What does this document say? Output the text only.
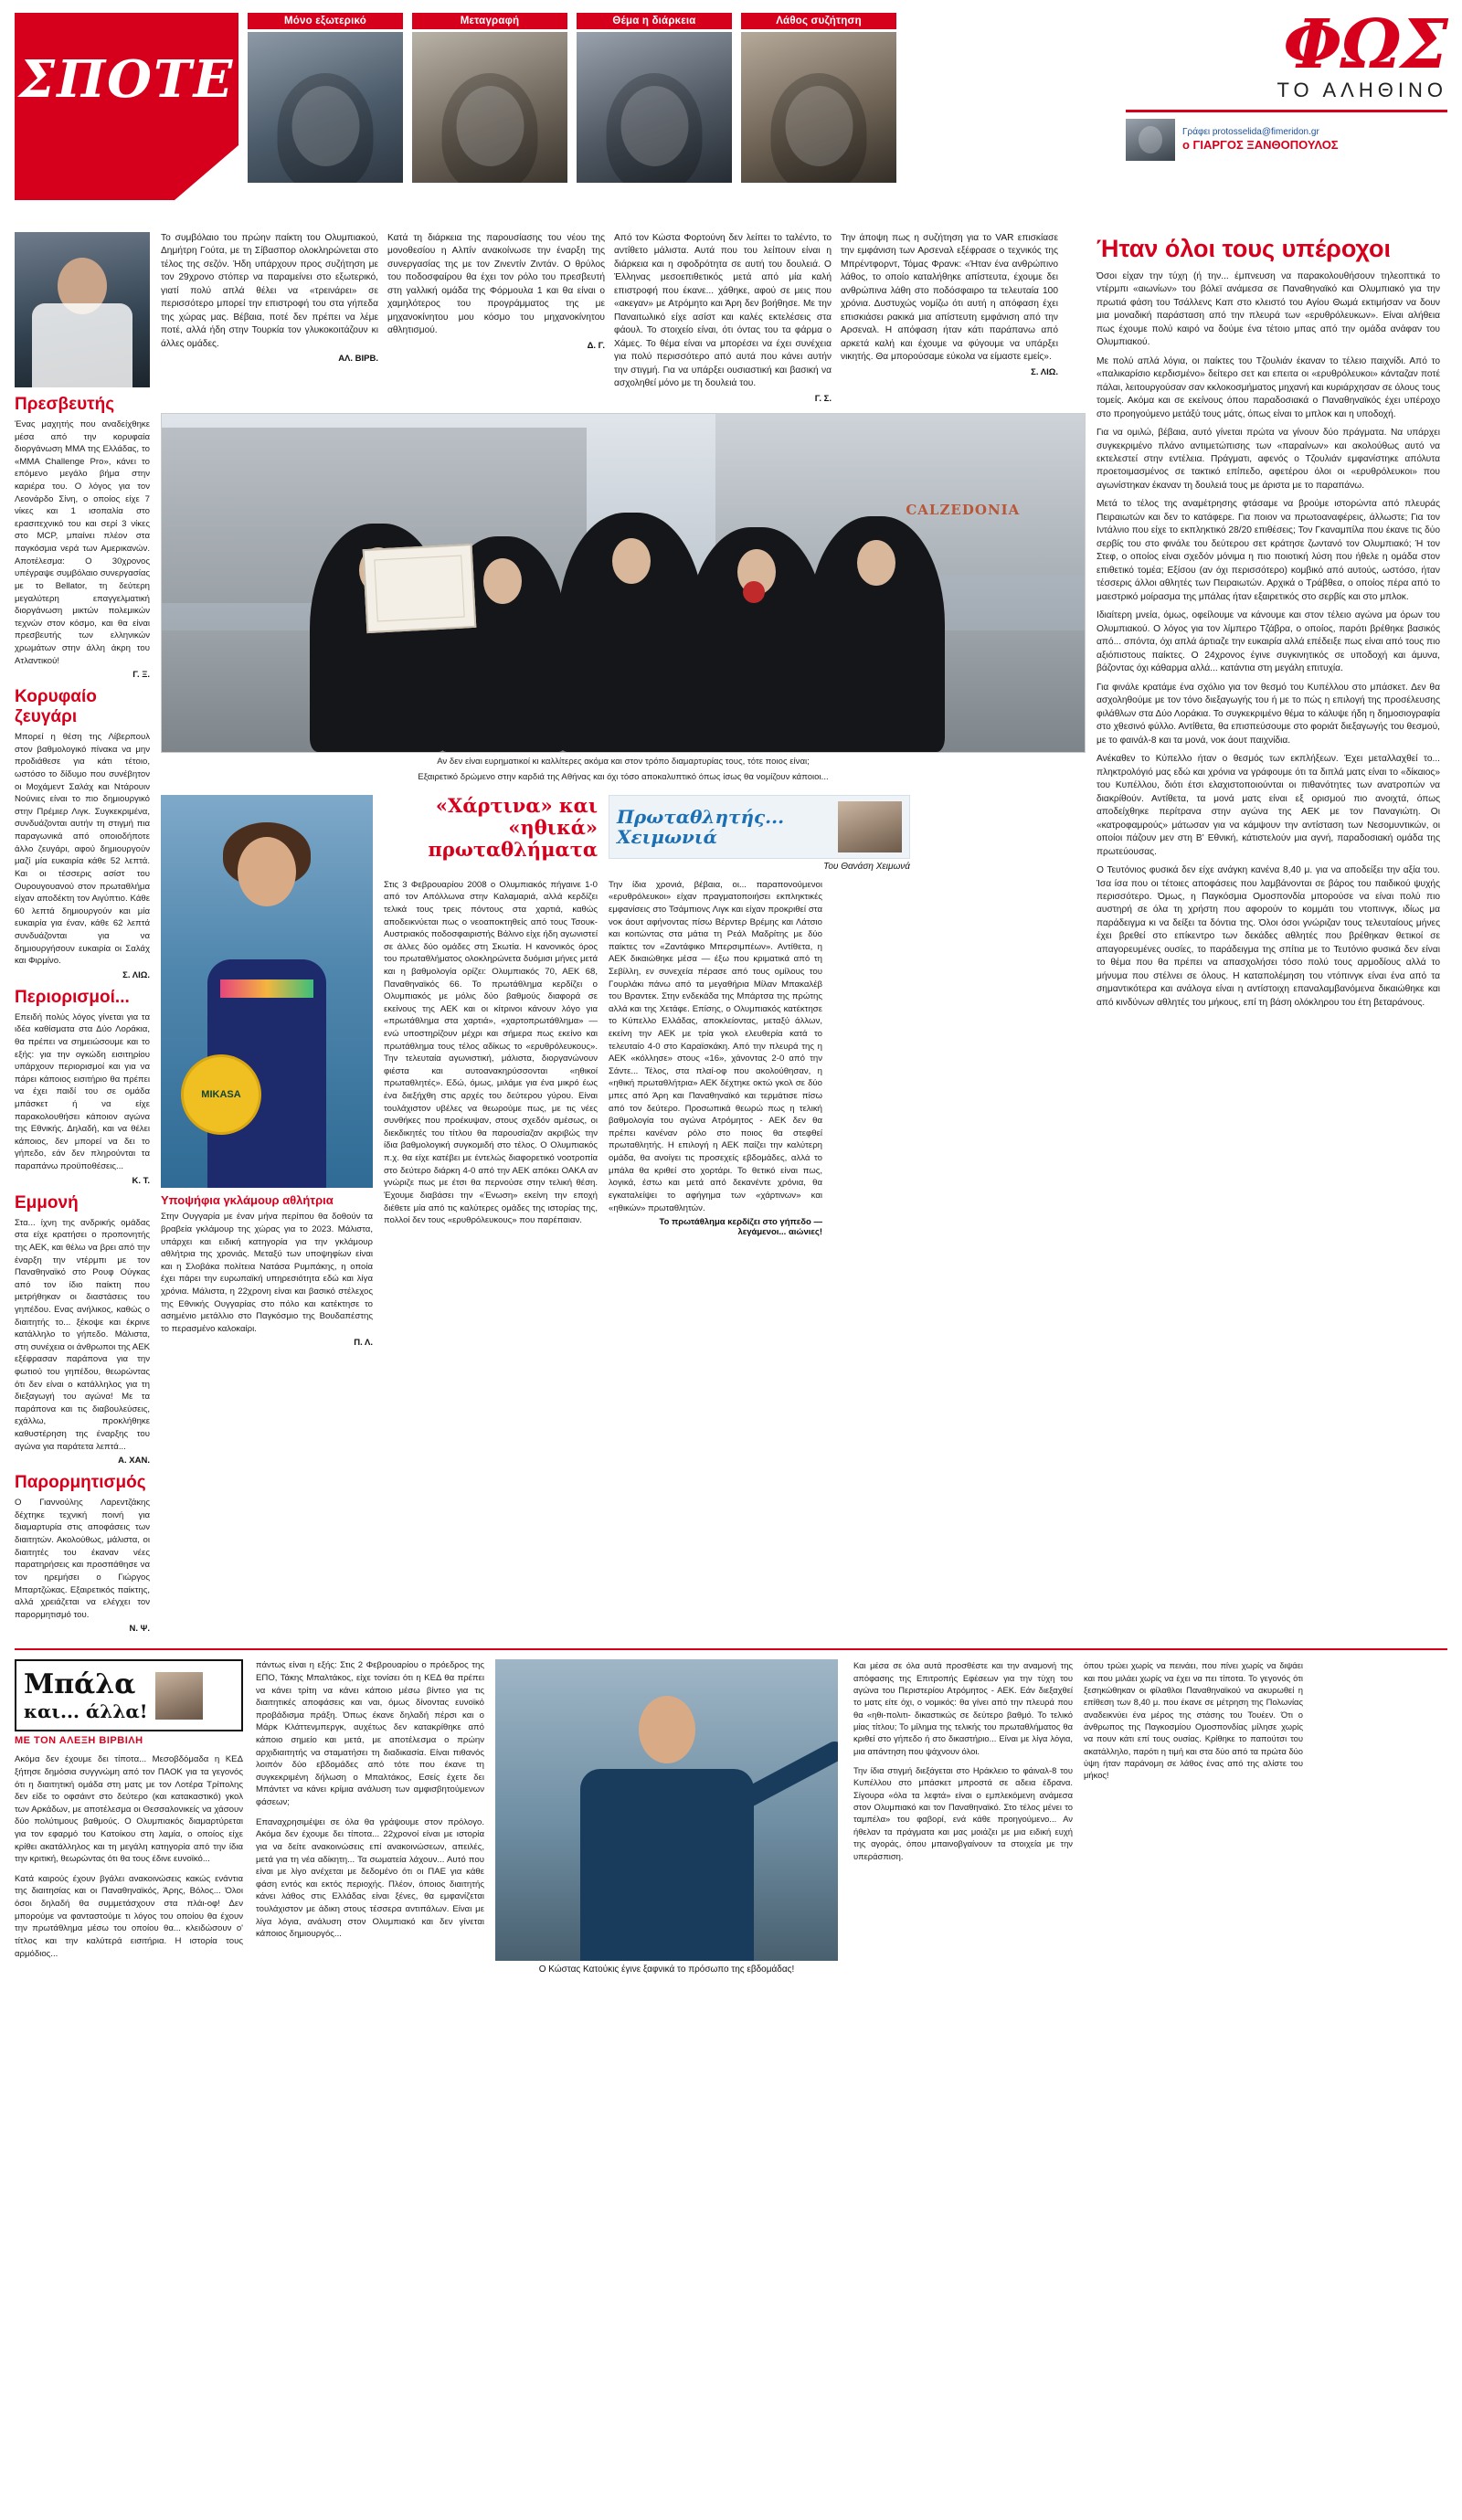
ΣΠΟΤΕ
Μόνο εξωτερικό	Μεταγραφή	Θέμα η διάρκεια	Λάθος συζήτηση	ΦΩΣ
ΤΟ ΑΛΗΘΙΝΟ
Γράφει protosselida@fimeridon.gr
ο ΓΙΑΡΓΟΣ ΞΑΝΘΟΠΟΥΛΟΣ
Πρεσβευτής
Ένας μαχητής που αναδείχθηκε μέσα από την κορυφαία διοργάνωση ΜΜΑ της Ελλάδας, το «ΜΜΑ Challenge Pro», κάνει το επόμενο μεγάλο βήμα στην καριέρα του. Ο λόγος για τον Λεονάρδο Σίνη, ο οποίος είχε 7 νίκες και 1 ισοπαλία στο ερασιτεχνικό του και σερί 3 νίκες στο MCP, μπαίνει πλέον στα παγκόσμια νερά των Αμερικανών. Αποτέλεσμα: Ο 30χρονος υπέγραψε συμβόλαιο συνεργασίας με το Bellator, τη δεύτερη μεγαλύτερη επαγγελματική διοργάνωση μικτών πολεμικών τεχνών στον κόσμο, και θα είναι πρεσβευτής των ελληνικών χρωμάτων στην άλλη άκρη του Ατλαντικού!
Γ. Ξ.
Κορυφαίο ζευγάρι
Μπορεί η θέση της Λίβερπουλ στον βαθμολογικό πίνακα να μην προδιάθεσε για κάτι τέτοιο, ωστόσο το δίδυμο που συνέβητον οι Μοχάμεντ Σαλάχ και Ντάρουιν Νούνιες είναι το πιο δημιουργικό στην Πρέμιερ Λιγκ. Συγκεκριμένα, συνδυάζονται αυτήν τη στιγμή πια παραγωνικά από οποιοδήποτε άλλο ζευγάρι, αφού δημιουργούν μαζί μία ευκαιρία κάθε 52 λεπτά. Και οι τέσσερις ασίστ του Ουρουγουανού στον πρωταθλήμα είχαν αποδέκτη τον Αιγύπτιο. Κάθε 60 λεπτά δημιουργούν και μία ευκαιρία για έναν, κάθε 62 λεπτά συνδυάζονται για να δημιουργήσουν ευκαιρία οι Σαλάχ και Φιρμίνο.
Σ. ΛΙΩ.
Περιορισμοί...
Επειδή πολύς λόγος γίνεται για τα ιδέα καθίσματα στα Δύο Λοράκια, θα πρέπει να σημειώσουμε και το εξής: για την ογκώδη εισιτηρίου υπάρχουν περιορισμοί και για να πάρει κάποιος εισιτήριο θα πρέπει να έχει παιδί του σε ομάδα μπάσκετ ή να είχε παρακολουθήσει κάποιον αγώνα της Εθνικής. Δηλαδή, και να θέλει κάποιος, δεν μπορεί να δει το γήπεδο, εάν δεν πληρούνται τα παραπάνω προϋποθέσεις...
Κ. Τ.
Εμμονή
Στα... ίχνη της ανδρικής ομάδας στα είχε κρατήσει ο προπονητής της ΑΕΚ, και θέλω να βρει από την έναρξη την ντέρμπι με τον Παναθηναϊκό στο Ρουφ Ούγκας από τον ίδιο παίκτη που μετρήθηκαν οι διαστάσεις του γηπέδου. Ενας ανήλικος, καθώς ο διαιτητής το... ξέκοψε και έκρινε κατάλληλο το γήπεδο. Μάλιστα, στη συνέχεια οι άνθρωποι της ΑΕΚ εξέφρασαν παράπονα για την φωτιού του γηπέδου, θεωρώντας ότι δεν είναι ο κατάλληλος για τη διεξαγωγή του αγώνα! Με τα παράπονα και τις διαβουλεύσεις, εχάλλω, προκλήθηκε καθυστέρηση της έναρξης του αγώνα για παράτετα λεπτά...
Α. ΧΑΝ.
Παρορμητισμός
Ο Γιαννούλης Λαρεντζάκης δέχτηκε τεχνική ποινή για διαμαρτυρία στις αποφάσεις των διαιτητών. Ακολούθως, μάλιστα, οι διαιτητές του έκαναν νέες παρατηρήσεις και προσπάθησε να τον ηρεμήσει ο Γιώργος Μπαρτζώκας. Εξαιρετικός παίκτης, αλλά χρειάζεται να ελέγχει τον παρορμητισμό του.
Ν. Ψ.
Το συμβόλαιο του πρώην παίκτη του Ολυμπιακού, Δημήτρη Γούτα, με τη Σίβασπορ ολοκληρώνεται στο τέλος της σεζόν. Ήδη υπάρχουν προς συζήτηση με τον 29χρονο στόπερ να παραμείνει στο εξωτερικό, γιατί πολύ απλά θέλει να «τρεινάρει» σε περισσότερο μπορεί την επιστροφή του στα γήπεδα της χώρας μας. Βέβαια, ποτέ δεν πρέπει να λέμε ποτέ, αλλά ήδη στην Τουρκία τον γλυκοκοιτάζουν κι άλλες ομάδες.
ΑΛ. ΒΙΡΒ.
Κατά τη διάρκεια της παρουσίασης του νέου της μονοθεσίου η Αλπίν ανακοίνωσε την έναρξη της συνεργασίας της με τον Ζινεντίν Ζιντάν. Ο θρύλος του ποδοσφαίρου θα έχει τον ρόλο του πρεσβευτή στη γαλλική ομάδα της Φόρμουλα 1 και θα είναι ο χαμηλότερος του προγράμματος της με μηχανοκίνητου μου κόσμο του μηχανοκίνητου αθλητισμού.
Δ. Γ.
Από τον Κώστα Φορτούνη δεν λείπει το ταλέντο, το αντίθετο μάλιστα. Αυτά που του λείπουν είναι η διάρκεια και η σφοδρότητα σε αυτή του δουλειά. Ο Έλληνας μεσοεπιθετικός μετά από μία καλή επιστροφή που έκανε... χάθηκε, αφού σε μεις που «ακεγαν» με Ατρόμητο και Άρη δεν βοήθησε. Με την Παναιτωλικό είχε ασίστ και καλές εκτελέσεις στα φάουλ. Το στοιχείο είναι, ότι όντας του τα φάρμα ο Χάμες. Το θέμα είναι να μπορέσει να έχει συνέχεια για πολύ περισσότερο από αυτά που κάνει αυτήν την στιγμή. Για να υπάρξει ουσιαστική και βασική να ασχοληθεί μόνο με τη δουλειά του.
Γ. Σ.
Την άποψη πως η συζήτηση για το VAR επισκίασε την εμφάνιση των Αρσεναλ εξέφρασε ο τεχνικός της Μπρέντφορντ, Τόμας Φρανκ: «Ήταν ένα ανθρώπινο λάθος, το οποίο καταλήθηκε απίστευτα, έχουμε δει ανθρώπινα λάθη στο ποδόσφαιρο τα τελευταία 100 χρόνια. Δυστυχώς νομίζω ότι αυτή η απόφαση έχει επισκιάσει ρακικά μια απίστευτη εμφάνιση από την Αρσεναλ. Η απόφαση ήταν κάτι παράπανω από αρκετά καλή και έχουμε να φύγουμε να υπάρξει νικητής. Θα μπορούσαμε εύκολα να είμαστε εμείς».
Σ. ΛΙΩ.
CALZEDONIA
Αν δεν είναι ευρηματικοί κι καλλίτερες ακόμα και στον τρόπο διαμαρτυρίας τους, τότε ποιος είναι;
Εξαιρετικό δρώμενο στην καρδιά της Αθήνας και όχι τόσο αποκαλυπτικό όπως ίσως θα νομίζουν κάποιοι...
MIKASA
Υποψήφια γκλάμουρ αθλήτρια
Στην Ουγγαρία με έναν μήνα περίπου θα δοθούν τα βραβεία γκλάμουρ της χώρας για το 2023. Μάλιστα, υπάρχει και ειδική κατηγορία για την γκλάμουρ αθλήτρια της χρονιάς. Μεταξύ των υποψηφίων είναι και η Σλοβάκα πολίτεια Νατάσα Ρυμπάκης, η οποία έχει πάρει την ευρωπαϊκή υπηρεσιότητα εδώ και λίγα χρόνια. Μάλιστα, η 22χρονη είναι και βασικό στέλεχος της Εθνικής Ουγγαρίας στο πόλο και κατέκτησε το ασημένιο μετάλλιο στο Παγκόσμιο της Βουδαπέστης το περασμένο καλοκαίρι.
Π. Λ.
«Χάρτινα» και «ηθικά» πρωταθλήματα
Πρωταθλητής... Χειμωνιά
Του Θανάση Χειμωνά
Στις 3 Φεβρουαρίου 2008 ο Ολυμπιακός πήγαινε 1-0 από τον Απόλλωνα στην Καλαμαριά, αλλά κερδίζει τελικά τους τρεις πόντους στα χαρτιά, καθώς αποδεικνύεται πως ο νεοαποκτηθείς από τους Τσουκ-Αυστριακός ποδοσφαιριστής Βάλινο είχε ήδη αγωνιστεί σε άλλες δύο ομάδες στη Σκωτία. Η κανονικός όρος του πρωταθλήματος ολοκληρώνετα δυόμισι μήνες μετά και η βαθμολογία ορίζει: Ολυμπιακός 70, ΑΕΚ 68, Παναθηναϊκός 66. Το πρωτάθλημα κερδίζει ο Ολυμπιακός με μόλις δύο βαθμούς διαφορά σε εκείνους της ΑΕΚ και οι κίτρινοι κάνουν λόγο για «πρωτάθλημα στα χαρτιά», «χαρτοπρωτάθλημα» — ενώ υποστηρίζουν μέχρι και σήμερα πως εκείνο και πρωτάθλημα τους τέλος αδίκως το «ερυθρόλευκους». Την τελευταία αγωνιστική, μάλιστα, διοργανώνουν φιέστα και αυτοανακηρύσσονται «ηθικοί πρωταθλητές». Εδώ, όμως, μιλάμε για ένα μικρό έως ένα διεξήχθη στις αρχές του δεύτερου γύρου. Είναι τουλάχιστον υβέλες να θεωρούμε πως, με τις νέες συνθήκες που προέκυψαν, στους σχεδόν αμέσως, οι διεκδικητές του τίτλου θα παρουσίαζαν ακριβώς την ίδια βαθμολογική συγκομιδή στο τέλος. Ο Ολυμπιακός π.χ. θα είχε κατέβει με έντελώς διαφορετικό νοοτροπία στο δεύτερο διάρκη 4-0 από την ΑΕΚ απόκει ΟΑΚΑ αν γνώριζε πως με έτσι θα περνούσε στην τελική θέση. Έχουμε διαβάσει την «Ένωση» εκείνη την εποχή διέθετε μία από τις καλύτερες ομάδες της ιστορίας της, πολλοί δεν τους «ερυθρόλευκους» που παρέπαιαν.
Την ίδια χρονιά, βέβαια, οι... παραπονούμενοι «ερυθρόλευκοι» είχαν πραγματοποιήσει εκπληκτικές εμφανίσεις στο Τσάμπιονς Λιγκ και είχαν προκριθεί στα νοκ άουτ αφήνοντας πίσω Βέρντερ Βρέμης και Λάτσιο και κοιτώντας στα μάτια τη Ρεάλ Μαδρίτης με δύο παίκτες τον «Ζαντάφικο Μπερσιμπέων». Αντίθετα, η ΑΕΚ δικαιώθηκε μέσα — έξω που κριματικά από τη Σεβίλλη, εν συνεχεία πέρασε από τους ομίλους του Γουρλάκι πάνω από τα μεγαθήρια Μίλαν Μπακαλέβ του Βραντεκ. Στην ενδεκάδα της Μπάρτσα της πρώτης αλλά και της Χετάφε. Επίσης, ο Ολυμπιακός κατέκτησε το Κύπελλο Ελλάδας, αποκλείοντας, μεταξύ άλλων, εκείνη την ΑΕΚ με τρία γκολ ελευθερία κατά το τελευταίο 4-0 στο Καραϊσκάκη. Από την πλευρά της η ΑΕΚ «κόλλησε» στους «16», χάνοντας 2-0 από την Σάντε... Τέλος, στα πλαί-οφ που ακολούθησαν, η «ηθική πρωταθλήτρια» ΑΕΚ δέχτηκε οκτώ γκολ σε δύο μπες από Άρη και Παναθηναϊκό και τερμάτισε πίσω από τον δεύτερο. Προσωπικά θεωρώ πως η τελική βαθμολογία του αγώνα Ατρόμητος - ΑΕΚ δεν θα πρέπει κανέναν ρόλο στο ποιος θα στεφθεί πρωταθλητής. Η επιλογή η ΑΕΚ παίζει την καλύτερη ομάδα, θα ανοίγει τις προσεχείς εβδομάδες, αλλά το μπάλα θα κριθεί στο χορτάρι. Το θετικό είναι πως, λογικά, έστω και μετά από δεκανέντε χρόνια, θα εγκαταλείψει το αφήγημα των «χάρτινων» και «ηθικών» πρωταθλητών.
Το πρωτάθλημα κερδίζει στο γήπεδο — λεγάμενοι... αιώνιες!
Ήταν όλοι τους υπέροχοι
Όσοι είχαν την τύχη (ή την... έμπνευση να παρακολουθήσουν τηλεοπτικά το ντέρμπι «αιωνίων» του βόλεϊ ανάμεσα σε Παναθηναϊκό και Ολυμπιακό για την πρωτιά φάση του Τσάλλενς Καπ στο κλειστό του Αγίου Θωμά εκτιμήσαν να δουν μια μοναδική παράσταση από την πλευρά των «ερυθρόλευκων». Είναι αλήθεια πως έχουμε πολύ καιρό να δούμε ένα τέτοιο μπας από την ομάδα ανάφαν του Ολυμπιακού.
Με πολύ απλά λόγια, οι παίκτες του Τζουλιάν έκαναν το τέλειο παιχνίδι. Από το «παλικαρίσιο κερδισμένο» δείτερο σετ και επειτα οι «ερυθρόλευκοι» κάνταζαν ποτέ πάλαι, λειτουργούσαν σαν κκλοκοσμήματος μηχανή και κυριάρχησαν σε όλους τους τομείς. Ακόμα και σε εκείνους όπου παραδοσιακά ο Παναθηναϊκός έχει υπέροχο στο προηγούμενο μετάξύ τους μάτς, όπως είναι το μπλοκ και η υποδοχή.
Για να ομιλώ, βέβαια, αυτό γίνεται πρώτα να γίνουν δύο πράγματα. Να υπάρχει συγκεκριμένο πλάνο αντιμετώπισης των «παραίνων» και ακολούθως αυτό να εκτελεστεί στην εντέλεια. Πράγματι, αφενός ο Τζουλιάν εμφανίστηκε απόλυτα προετοιμασμένος σε τακτικό επίπεδο, αφετέρου όλοι οι «ερυθρόλευκοι» που αγωνίστηκαν έκαναν τη δουλειά τους με άριστα με το παραπάνω.
Μετά το τέλος της αναμέτρησης φτάσαμε να βρούμε ιστορώντα από πλευράς Πειραιωτών και δεν το κατάφερε. Για ποιον να πρωτοαναφέρεις, άλλωστε; Για τον Ιντάλνιο που είχε το εκπληκτικό 28/20 επιθέσεις; Τον Γκαναμπίλα που έκανε τις δύο σερβίς του στο φινάλε του δεύτερου σετ κράτησε ζωντανό τον Ολυμπιακό; Ή τον Στεφ, ο οποίος είναι σχεδόν μόνιμα η πιο ποιοτική λύση που ήθελε η ομάδα στον επιθετικό τομέα; Εξίσου (αν όχι περισσότερο) κομβικό από αυτούς, ωστόσο, ήταν τέσσερις άλλοι αθλητές των Πειραιωτών. Αρχικά ο Τράβθεα, ο οποίος πέρα από το μαεστρικό μοίρασμα της μπάλας ήταν εξαιρετικός στο σερβίς και στο μπλοκ.
Ιδιαίτερη μνεία, όμως, οφείλουμε να κάνουμε και στον τέλειο αγώνα μα όρων του Ολυμπιακού. Ο λόγος για τον λίμπερο Τζάβρα, ο οποίος, παρότι βρέθηκε βασικός από... σπόντα, όχι απλά άρτιαζε την ευκαιρία αλλά επέδειξε πως είναι από τους πιο αξιόπιστους παίκτες. Ο 24χρονος έγινε συγκινητικός σε υποδοχή και άμυνα, βάζοντας όχι κάθαρμα αλλά... κατάντια στη μεγάλη επιτυχία.
Για φινάλε κρατάμε ένα σχόλιο για τον θεσμό του Κυπέλλου στο μπάσκετ. Δεν θα ασχοληθούμε με τον τόνο διεξαγωγής του ή με το πώς η επιλογή της προσέλευσης φιλάθλων στα Δύο Λοράκια. Το συγκεκριμένο θέμα το κάλυψε ήδη η δημοσιογραφία στο χθεσινό φύλλο. Αντίθετα, θα επισπεύσουμε στο φοριάτ διεξαγωγής του θεσμού, με το φαινάλ-8 και τα μονά, νοκ άουτ παιχνίδια.
Ανέκαθεν το Κύπελλο ήταν ο θεσμός των εκπλήξεων. Έχει μεταλλαχθεί το... πληκτρολόγιό μας εδώ και χρόνια να γράφουμε ότι τα διπλά ματς είναι το «δίκαιος» του Κυπέλλου, διότι έτσι ελαχιστοποιούνται οι πιθανότητες των ανατροπών να διακρίθούν. Αντίθετα, τα μονά ματς είναι εξ ορισμού πιο ανοιχτά, όπως αποδείχθηκε περίτρανα στην αγώνα της ΑΕΚ με τον Παναγιώτη. Οι «κατροφαμρούς» μάτωσαν για να κάμψουν την αντίσταση των Νεσομυντικών, οι οποίοι πάζουν μεν στη Β' Εθνική, κάτιστελούν μια αγνή, παραδοσιακή ομάδα της πρωτεύουσας.
Ο Τευτόνιος φυσικά δεν είχε ανάγκη κανένα 8,40 μ. για να αποδείξει την αξία του. Ίσα ίσα που οι τέτοιες αποφάσεις που λαμβάνονται σε βάρος του παιδικού ψυχής περισσότερο. Όμως, η Παγκόσμια Ομοσπονδία μπορούσε να είναι πολύ πιο αυστηρή σε όλα τη χρήστη που αφορούν το κομμάτι του ντοπινγκ, ιδίως μα παράδειγμα κι να δείξει τα δόντια της. Όλοι όσοι γνώριζαν τους τελευταίους μήνες έχει βρεθεί στο επίκεντρο των δεκάδες αθλητές που βρέθηκαν θετικοί σε απαγορευμένες ουσίες, το παράδειγμα της σπίτια με το Τευτόνιο φυσικά δεν είναι το θέμα που θα πρέπει να απασχολήσει τόσο πολύ τους αρμοδίους αλλά το μήνυμα που στέλνει σε όλους. Η καταπολέμηση του ντόπινγκ είναι ένα από τα σημαντικότερα και ανάλογα είναι η αντίστοιχη επαναλαμβανόμενα δικαιώθηκε και από κινδύνων αθλητές του μήκους, επί τη βάση ολόκληρου του έτη βεταράνους.
Μπάλα
και... άλλα!
ΜΕ ΤΟΝ ΑΛΕΞΗ ΒΙΡΒΙΛΗ
Ακόμα δεν έχουμε δει τίποτα... Μεσοβδόμαδα η ΚΕΔ ξήτησε δημόσια συγγνώμη από τον ΠΑΟΚ για τα γεγονός ότι η διαιτητική ομάδα στη ματς με τον Λοτέρα Τρίπολης δεν είδε το οφσάιντ στο δεύτερο (και κατακαστικό) γκολ των Αρκάδων, με αποτέλεσμα οι Θεσσαλονικείς να χάσουν δύο πολύτιμους βαθμούς. Ο Ολυμπιακός διαμαρτύρεται για τον εφαρμό του Κατοίκου στη λαμία, ο οποίος είχε κρίθει ακατάλληλος και τη μεγάλη κατηγορία από την ίδια την κριτική, θεωρώντας ότι θα τους έδινε ευνοϊκό...
Κατά καιρούς έχουν βγάλει ανακοινώσεις κακώς ενάντια της διαιτησίας και οι Παναθηναϊκός, Άρης, Βόλος... Όλοι όσοι δηλαδή θα συμμετάσχουν στα πλάι-οφ! Δεν μπορούμε να φανταστούμε τι λόγος του οποίου θα έχουν την πρωτάθλημα μέσω του οποίου θα... κλειδώσουν ο' τίτλος και την καλύτερά εισιτήρια. Η ιστορία τους αρμόδιος...
πάντως είναι η εξής: Στις 2 Φεβρουαρίου ο πρόεδρος της ΕΠΟ, Τάκης Μπαλτάκος, είχε τονίσει ότι η ΚΕΔ θα πρέπει να κάνει τρίτη να κάνει κάποιο μέσω βίντεο για τις διαιτητικές αποφάσεις και ναι, όμως δίνοντας ευνοϊκό προβάδισμα πράξη. Όπως έκανε δηλαδή πέρσι και ο Μάρκ Κλάττενμπεργκ, αυχέτως δεν κατακρίθηκε από κάποιο σημείο και μετά, με αποτέλεσμα ο πρώην αρχιδιαιτητής να σταματήσει τη διαδικασία. Είναι πιθανός λοιπόν δύο εβδομάδες από τότε που έκανε τη συγκεκριμένη δήλωση ο Μπαλτάκος, Εσείς έχετε δει Μπάντετ να κάνει κρίμια ανάλυση των αμφισβητούμενων φάσεων;
Επαναχρησιμέψει σε όλα θα γράψουμε στον πρόλογο. Ακόμα δεν έχουμε δει τίποτα... 22χρονοί είναι με ιστορία για να δείτε ανακοινώσεις επί ανακοινώσεων, απειλές, μετά για τη νέα αδίκητη... Τα σωματεία λάχουν... Αυτό που είναι με λίγο ανέχεται με δεδομένο ότι οι ΠΑΕ για κάθε φάση εντός και εκτός περιοχής. Πλέον, όποιος διαιτητής κάνει λάθος στις Ελλάδας είναι ξένες, θα εμφανίζεται τουλάχιστον με άδικη στους τέσσερα αντιπάλων. Είναι με λίγα λόγια, ανάλυση στον Ολυμπιακό και δεν γίνεται κάποιος δημιουργός...
Ο Κώστας Κατούκις έγινε ξαφνικά το πρόσωπο της εβδομάδας!
Και μέσα σε όλα αυτά προσθέστε και την αναμονή της απόφασης της Επιτροπής Εφέσεων για την τύχη του αγώνα του Περιστερίου Ατρόμητος - ΑΕΚ. Εάν διεξαχθεί το ματς είτε όχι, ο νομικός: θα γίνει από την πλευρά που θα «ηθι-πολιτι- δικαστικώς σε δεύτερο βαθμό. Το τελικό μίας τίτλου; Το μίλημα της τελικής του πρωταθλήματος θα κριθεί στο γήπεδο ή στο δικαστήριο... Είναι με λίγα λόγια, μια απάντηση που ψάχνουν όλοι.
Την ίδια στιγμή διεξάγεται στο Ηράκλειο το φάιναλ-8 του Κυπέλλου στο μπάσκετ μπροστά σε αδεια έδρανα. Σίγουρα «όλα τα λεφτά» είναι ο εμπλεκόμενη ανάμεσα στον Ολυμπιακό και τον Παναθηναϊκό. Στο τέλος μένει το ταμπέλα» του φαβορί, ενά κάθε προηγούμενο... Αν ήθελαν τα πράγματα και μας μοιάζει με μια ειδική ευχή της αγοράς, όπου μπαινοβγαίνουν τα στοιχεία με την υπεράσπιση.
όπου τρώει χωρίς να πεινάει, που πίνει χωρίς να διψάει και που μιλάει χωρίς να έχει να πει τίποτα. Το γεγονός ότι ξεσηκώθηκαν οι φίλαθλοι Παναθηναϊκού να ακυρωθεί η επίθεση των 8,40 μ. που έκανε σε μέτρηση της Πολωνίας αναδεικνύει ένα μέρος της στάσης του Τουέεν. Ότι ο άνθρωπος της Παγκοσμίου Ομοσπονδίας μίλησε χωρίς να πουν κάτι επί τους ουσίας. Κρίθηκε το παπούτσι του ακατάλληλο, παρότι η τιμή και στα δύο από τα πρώτα δύο ύψη ήταν παράνομη σε λάθος ένας από της αλίστε του μήκος!
